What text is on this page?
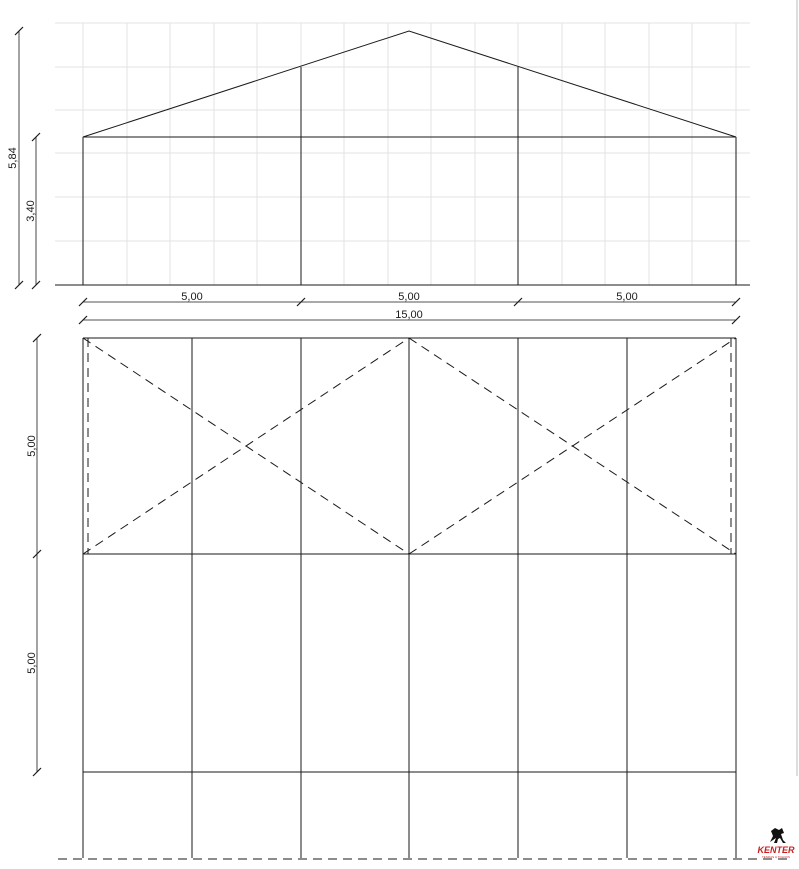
5,84
3,40
5,00	5,00	5,00
15,00
5,00
5,00
KENTER
TENDAS & TOLDOS
